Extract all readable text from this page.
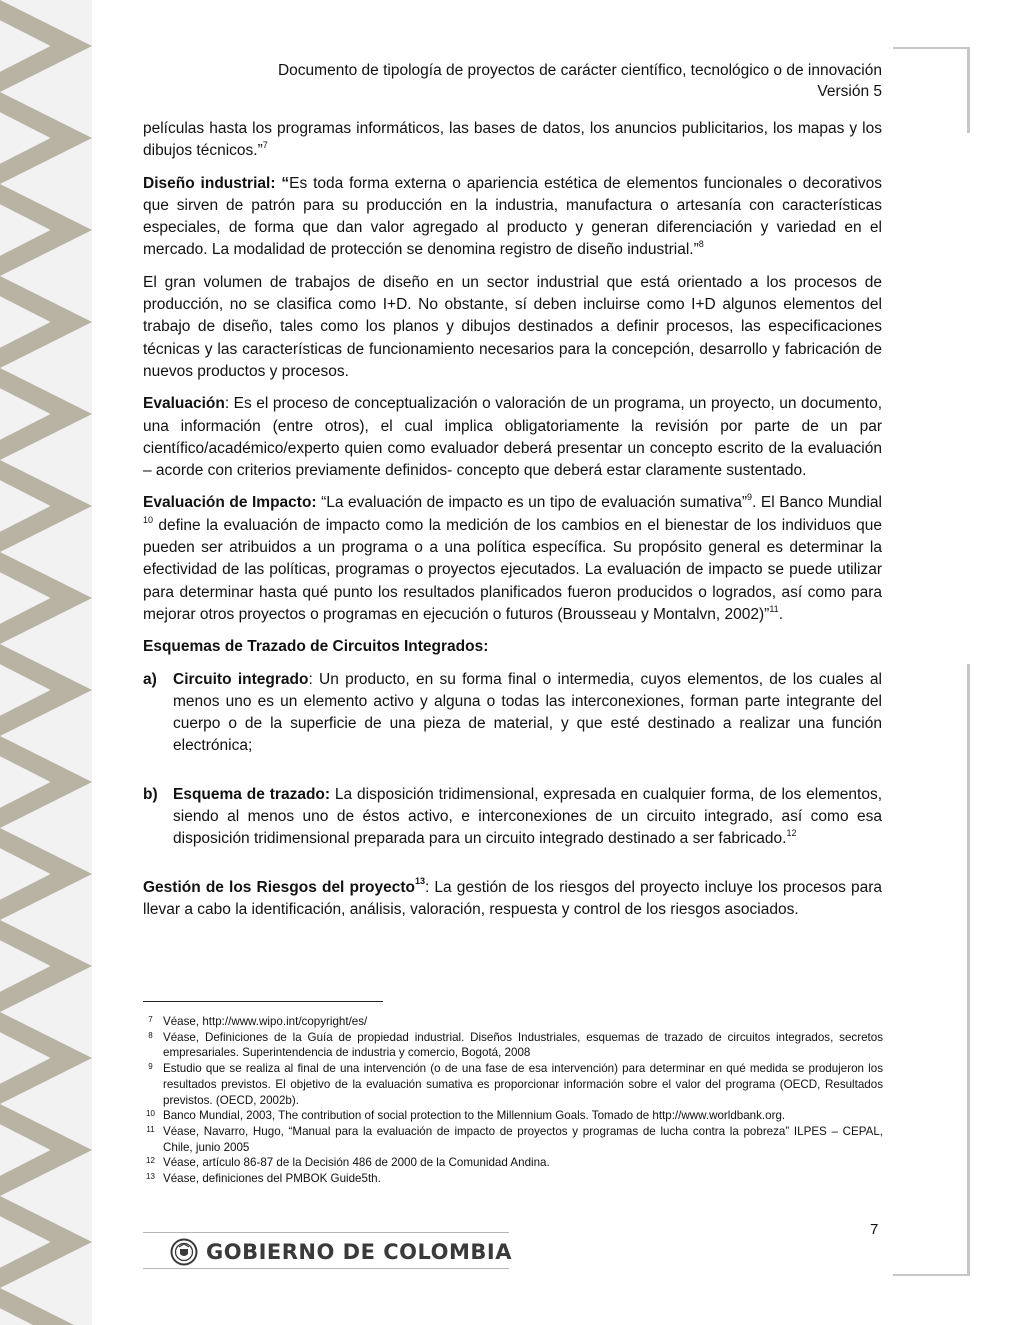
Documento de tipología de proyectos de carácter científico, tecnológico o de innovación
Versión 5

películas hasta los programas informáticos, las bases de datos, los anuncios publicitarios, los mapas y los dibujos técnicos.”$^7$

Diseño industrial: “Es toda forma externa o apariencia estética de elementos funcionales o decorativos que sirven de patrón para su producción en la industria, manufactura o artesanía con características especiales, de forma que dan valor agregado al producto y generan diferenciación y variedad en el mercado. La modalidad de protección se denomina registro de diseño industrial.”$^8$

El gran volumen de trabajos de diseño en un sector industrial que está orientado a los procesos de producción, no se clasifica como I+D. No obstante, sí deben incluirse como I+D algunos elementos del trabajo de diseño, tales como los planos y dibujos destinados a definir procesos, las especificaciones técnicas y las características de funcionamiento necesarios para la concepción, desarrollo y fabricación de nuevos productos y procesos.

Evaluación: Es el proceso de conceptualización o valoración de un programa, un proyecto, un documento, una información (entre otros), el cual implica obligatoriamente la revisión por parte de un par científico/académico/experto quien como evaluador deberá presentar un concepto escrito de la evaluación – acorde con criterios previamente definidos- concepto que deberá estar claramente sustentado.

Evaluación de Impacto: “La evaluación de impacto es un tipo de evaluación sumativa”$^9$. El Banco Mundial $^{10}$ define la evaluación de impacto como la medición de los cambios en el bienestar de los individuos que pueden ser atribuidos a un programa o a una política específica. Su propósito general es determinar la efectividad de las políticas, programas o proyectos ejecutados. La evaluación de impacto se puede utilizar para determinar hasta qué punto los resultados planificados fueron producidos o logrados, así como para mejorar otros proyectos o programas en ejecución o futuros (Brousseau y Montalvn, 2002)”$^{11}$.

Esquemas de Trazado de Circuitos Integrados:

a)	Circuito integrado: Un producto, en su forma final o intermedia, cuyos elementos, de los cuales al menos uno es un elemento activo y alguna o todas las interconexiones, forman parte integrante del cuerpo o de la superficie de una pieza de material, y que esté destinado a realizar una función electrónica;
b) Esquema de trazado: La disposición tridimensional, expresada en cualquier forma, de los elementos, siendo al menos uno de éstos activo, e interconexiones de un circuito integrado, así como esa disposición tridimensional preparada para un circuito integrado destinado a ser fabricado.$^{12}$

Gestión de los Riesgos del proyecto$^{13}$: La gestión de los riesgos del proyecto incluye los procesos para llevar a cabo la identificación, análisis, valoración, respuesta y control de los riesgos asociados.

7 Véase, http://www.wipo.int/copyright/es/
8 Véase, Definiciones de la Guía de propiedad industrial. Diseños Industriales, esquemas de trazado de circuitos integrados, secretos empresariales. Superintendencia de industria y comercio, Bogotá, 2008
9 Estudio que se realiza al final de una intervención (o de una fase de esa intervención) para determinar en qué medida se produjeron los resultados previstos. El objetivo de la evaluación sumativa es proporcionar información sobre el valor del programa (OECD, Resultados previstos. (OECD, 2002b).
10 Banco Mundial, 2003, The contribution of social protection to the Millennium Goals. Tomado de http://www.worldbank.org.
11 Véase, Navarro, Hugo, “Manual para la evaluación de impacto de proyectos y programas de lucha contra la pobreza” ILPES – CEPAL, Chile, junio 2005
12 Véase, artículo 86-87 de la Decisión 486 de 2000 de la Comunidad Andina.
13 Véase, definiciones del PMBOK Guide5th.
7
GOBIERNO DE COLOMBIA
